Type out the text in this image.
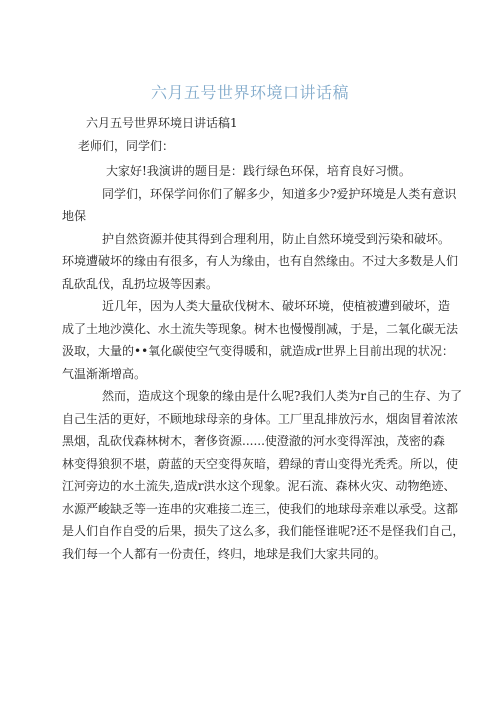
六月五号世界环境口讲话稿
六月五号世界环境日讲话稿1
老师们，同学们：
大家好!我演讲的题目是：践行绿色环保，培育良好习惯。
同学们，环保学问你们了解多少，知道多少?爱护环境是人类有意识
地保
护自然资源并使其得到合理利用，防止自然环境受到污染和破坏。
环境遭破坏的缘由有很多，有人为缘由，也有自然缘由。不过大多数是人们
乱砍乱伐，乱扔垃圾等因素。
近几年，因为人类大量砍伐树木、破坏环境，使植被遭到破坏，造
成了土地沙漠化、水土流失等现象。树木也慢慢削减，于是，二氧化碳无法
汲取，大量的••氧化碳使空气变得暖和，就造成r世界上目前出现的状况：
气温渐渐增高。
然而，造成这个现象的缘由是什么呢?我们人类为r自己的生存、为了
自己生活的更好，不顾地球母亲的身体。工厂里乱排放污水，烟囱冒着浓浓
黑烟，乱砍伐森林树木，奢侈资源......使澄澈的河水变得浑浊，茂密的森
林变得狼狈不堪，蔚蓝的天空变得灰暗，碧绿的青山变得光秃秃。所以，使
江河旁边的水土流失,造成r洪水这个现象。泥石流、森林火灾、动物绝迹、
水源严峻缺乏等一连串的灾难接二连三，使我们的地球母亲难以承受。这都
是人们自作自受的后果，损失了这么多，我们能怪谁呢?还不是怪我们自己，
我们每一个人都有一份责任，终归，地球是我们大家共同的。
